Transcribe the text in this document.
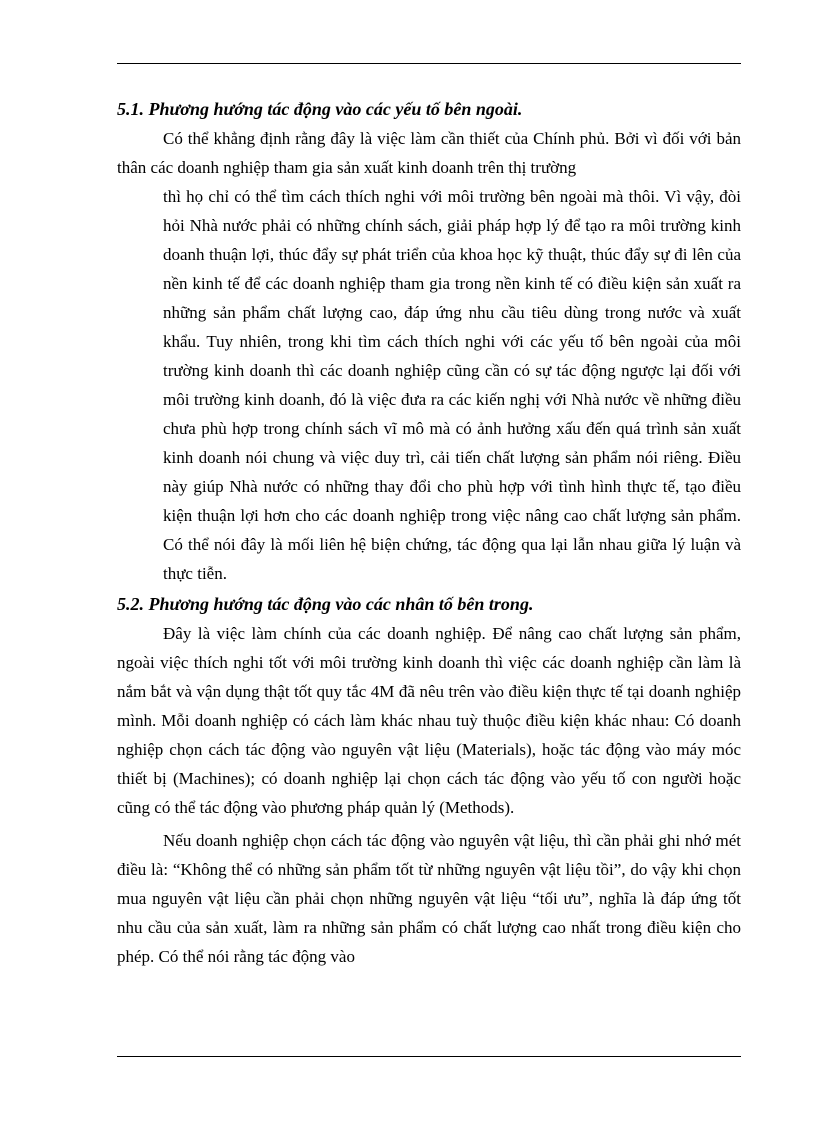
5.1. Phương hướng tác động vào các yếu tố bên ngoài.

Có thể khẳng định rằng đây là việc làm cần thiết của Chính phủ. Bởi vì đối với bản thân các doanh nghiệp tham gia sản xuất kinh doanh trên thị trường

thì họ chỉ có thể tìm cách thích nghi với môi trường bên ngoài mà thôi. Vì vậy, đòi hỏi Nhà nước phải có những chính sách, giải pháp hợp lý để tạo ra môi trường kinh doanh thuận lợi, thúc đẩy sự phát triển của khoa học kỹ thuật, thúc đẩy sự đi lên của nền kinh tế để các doanh nghiệp tham gia trong nền kinh tế có điều kiện sản xuất ra những sản phẩm chất lượng cao, đáp ứng nhu cầu tiêu dùng trong nước và xuất khẩu. Tuy nhiên, trong khi tìm cách thích nghi với các yếu tố bên ngoài của môi trường kinh doanh thì các doanh nghiệp cũng cần có sự tác động ngược lại đối với môi trường kinh doanh, đó là việc đưa ra các kiến nghị với Nhà nước về những điều chưa phù hợp trong chính sách vĩ mô mà có ảnh hưởng xấu đến quá trình sản xuất kinh doanh nói chung và việc duy trì, cải tiến chất lượng sản phẩm nói riêng. Điều này giúp Nhà nước có những thay đổi cho phù hợp với tình hình thực tế, tạo điều kiện thuận lợi hơn cho các doanh nghiệp trong việc nâng cao chất lượng sản phẩm. Có thể nói đây là mối liên hệ biện chứng, tác động qua lại lẫn nhau giữa lý luận và thực tiễn.

5.2. Phương hướng tác động vào các nhân tố bên trong.

Đây là việc làm chính của các doanh nghiệp. Để nâng cao chất lượng sản phẩm, ngoài việc thích nghi tốt với môi trường kinh doanh thì việc các doanh nghiệp cần làm là nắm bắt và vận dụng thật tốt quy tắc 4M đã nêu trên vào điều kiện thực tế tại doanh nghiệp mình. Mỗi doanh nghiệp có cách làm khác nhau tuỳ thuộc điều kiện khác nhau: Có doanh nghiệp chọn cách tác động vào nguyên vật liệu (Materials), hoặc tác động vào máy móc thiết bị (Machines); có doanh nghiệp lại chọn cách tác động vào yếu tố con người hoặc cũng có thể tác động vào phương pháp quản lý (Methods).

Nếu doanh nghiệp chọn cách tác động vào nguyên vật liệu, thì cần phải ghi nhớ mét điều là: “Không thể có những sản phẩm tốt từ những nguyên vật liệu tồi”, do vậy khi chọn mua nguyên vật liệu cần phải chọn những nguyên vật liệu “tối ưu”, nghĩa là đáp ứng tốt nhu cầu của sản xuất, làm ra những sản phẩm có chất lượng cao nhất trong điều kiện cho phép. Có thể nói rằng tác động vào
